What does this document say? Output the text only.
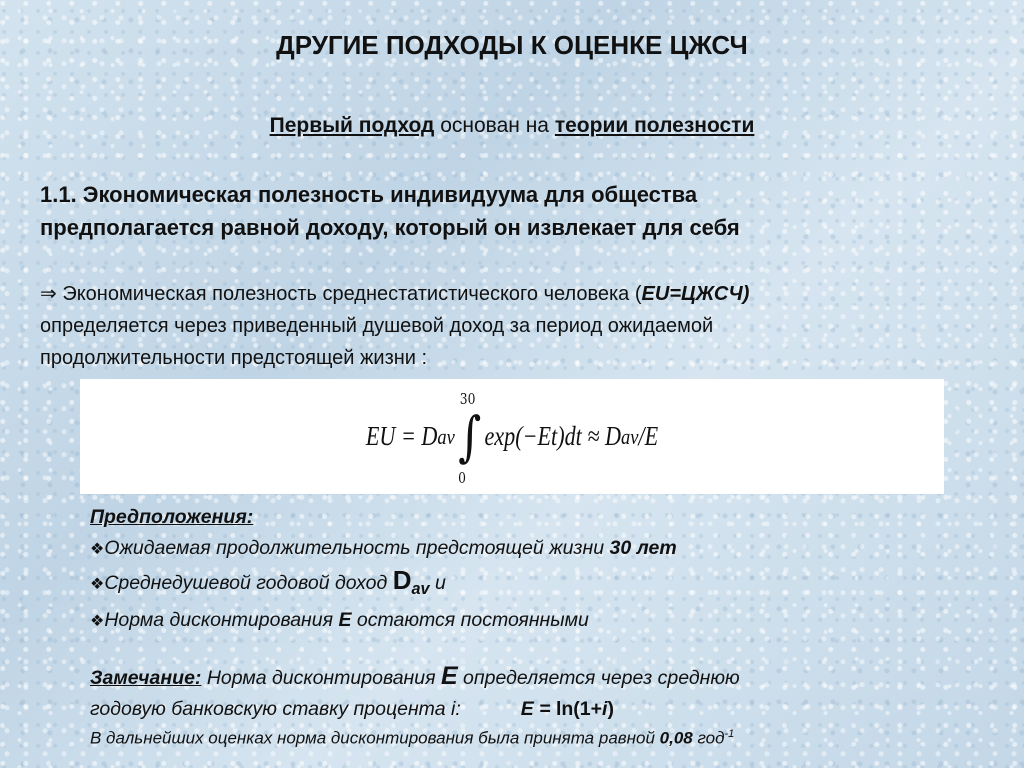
ДРУГИЕ ПОДХОДЫ К ОЦЕНКЕ ЦЖСЧ

Первый подход основан на теории полезности

1.1. Экономическая полезность индивидуума для общества
предполагается равной доходу, который он извлекает для себя
⇒ Экономическая полезность среднестатистического человека (EU=ЦЖСЧ)
определяется через приведенный душевой доход за период ожидаемой
продолжительности предстоящей жизни :
EU = D av ∫
30
0
exp(−Et)dt ≈ D av /E
Предположения:
❖Ожидаемая продолжительность предстоящей жизни 30 лет
❖Среднедушевой годовой доход $D_{av}$ и
❖Норма дисконтирования E остаются постоянными
Замечание: Норма дисконтирования E определяется через среднюю
годовую банковскую ставку процента i:	E = ln(1+i)
В дальнейших оценках норма дисконтирования была принята равной 0,08 год$^{-1}$
